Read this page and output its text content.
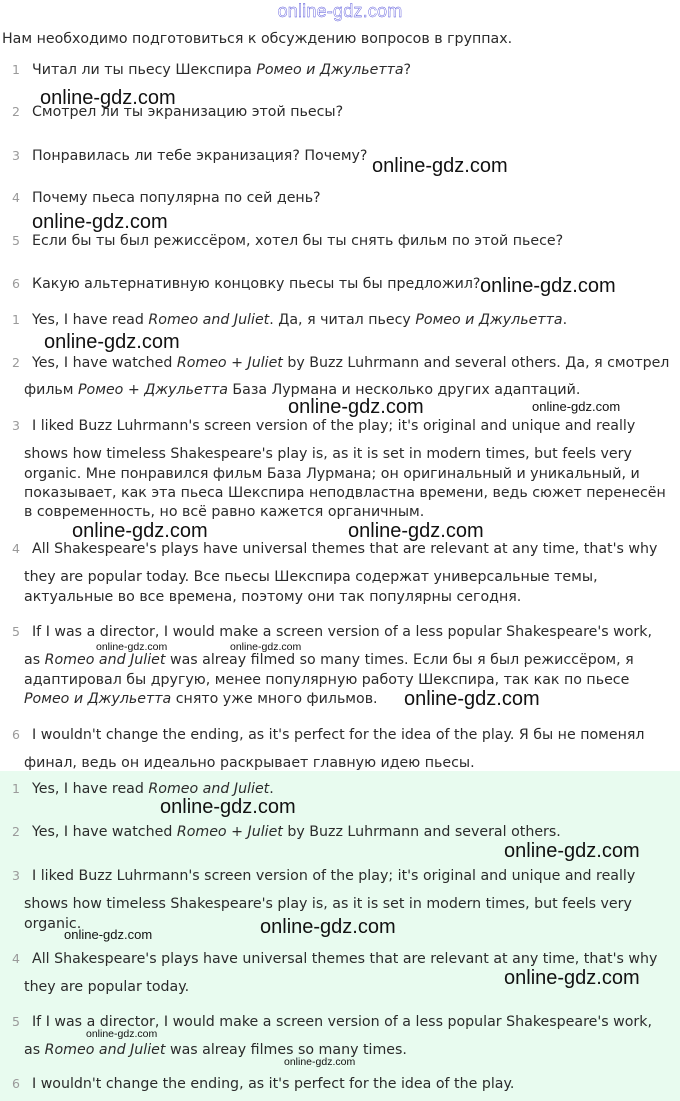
online-gdz.com
Нам необходимо подготовиться к обсуждению вопросов в группах.
1 Читал ли ты пьесу Шекспира Ромео и Джульетта?
2 Смотрел ли ты экранизацию этой пьесы?
3 Понравилась ли тебе экранизация? Почему?
4 Почему пьеса популярна по сей день?
5 Если бы ты был режиссёром, хотел бы ты снять фильм по этой пьесе?
6 Какую альтернативную концовку пьесы ты бы предложил?
1 Yes, I have read Romeo and Juliet. Да, я читал пьесу Ромео и Джульетта.
2 Yes, I have watched Romeo + Juliet by Buzz Luhrmann and several others. Да, я смотрел
фильм Ромео + Джульетта База Лурмана и несколько других адаптаций.
3 I liked Buzz Luhrmann's screen version of the play; it's original and unique and really
shows how timeless Shakespeare's play is, as it is set in modern times, but feels very
organic. Мне понравился фильм База Лурмана; он оригинальный и уникальный, и
показывает, как эта пьеса Шекспира неподвластна времени, ведь сюжет перенесён
в современность, но всё равно кажется органичным.
4 All Shakespeare's plays have universal themes that are relevant at any time, that's why
they are popular today. Все пьесы Шекспира содержат универсальные темы,
актуальные во все времена, поэтому они так популярны сегодня.
5 If I was a director, I would make a screen version of a less popular Shakespeare's work,
as Romeo and Juliet was alreay filmed so many times. Если бы я был режиссёром, я
адаптировал бы другую, менее популярную работу Шекспира, так как по пьесе
Ромео и Джульетта снято уже много фильмов.
6 I wouldn't change the ending, as it's perfect for the idea of the play. Я бы не поменял
финал, ведь он идеально раскрывает главную идею пьесы.
1 Yes, I have read Romeo and Juliet.
2 Yes, I have watched Romeo + Juliet by Buzz Luhrmann and several others.
3 I liked Buzz Luhrmann's screen version of the play; it's original and unique and really
shows how timeless Shakespeare's play is, as it is set in modern times, but feels very
organic.
4 All Shakespeare's plays have universal themes that are relevant at any time, that's why
they are popular today.
5 If I was a director, I would make a screen version of a less popular Shakespeare's work,
as Romeo and Juliet was alreay filmes so many times.
6 I wouldn't change the ending, as it's perfect for the idea of the play.
online-gdz.com
online-gdz.com
online-gdz.com
online-gdz.com
online-gdz.com
online-gdz.com	online-gdz.com
online-gdz.com	online-gdz.com
online-gdz.com	online-gdz.com
online-gdz.com
online-gdz.com
online-gdz.com
online-gdz.com
online-gdz.com
online-gdz.com
online-gdz.com
online-gdz.com
